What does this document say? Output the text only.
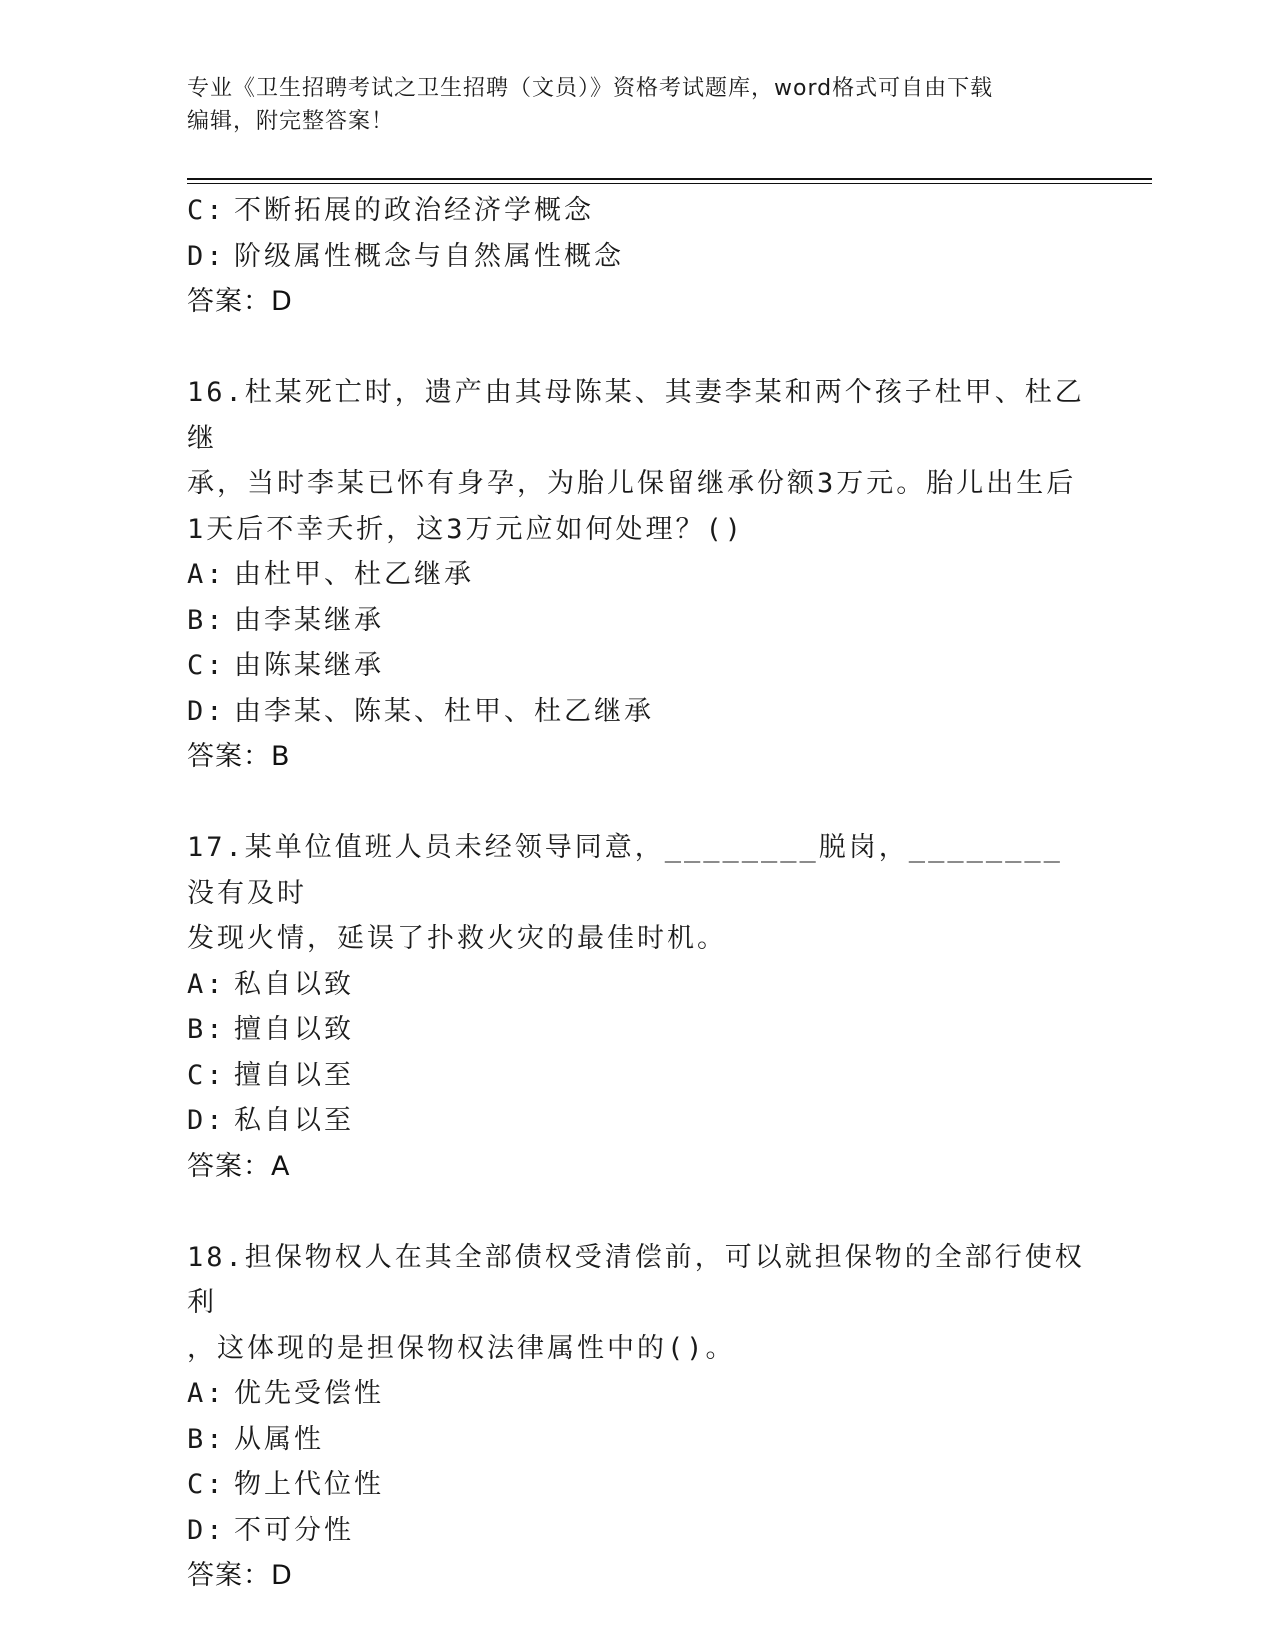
专业《卫生招聘考试之卫生招聘（文员）》资格考试题库，word格式可自由下载
编辑，附完整答案！
C: 不断拓展的政治经济学概念
D: 阶级属性概念与自然属性概念
答案：D
16.杜某死亡时，遗产由其母陈某、其妻李某和两个孩子杜甲、杜乙继
承，当时李某已怀有身孕，为胎儿保留继承份额3万元。胎儿出生后
1天后不幸夭折，这3万元应如何处理？()
A: 由杜甲、杜乙继承
B: 由李某继承
C: 由陈某继承
D: 由李某、陈某、杜甲、杜乙继承
答案：B
17.某单位值班人员未经领导同意，________脱岗，________没有及时
发现火情，延误了扑救火灾的最佳时机。
A: 私自以致
B: 擅自以致
C: 擅自以至
D: 私自以至
答案：A
18.担保物权人在其全部债权受清偿前，可以就担保物的全部行使权利
，这体现的是担保物权法律属性中的()。
A: 优先受偿性
B: 从属性
C: 物上代位性
D: 不可分性
答案：D
